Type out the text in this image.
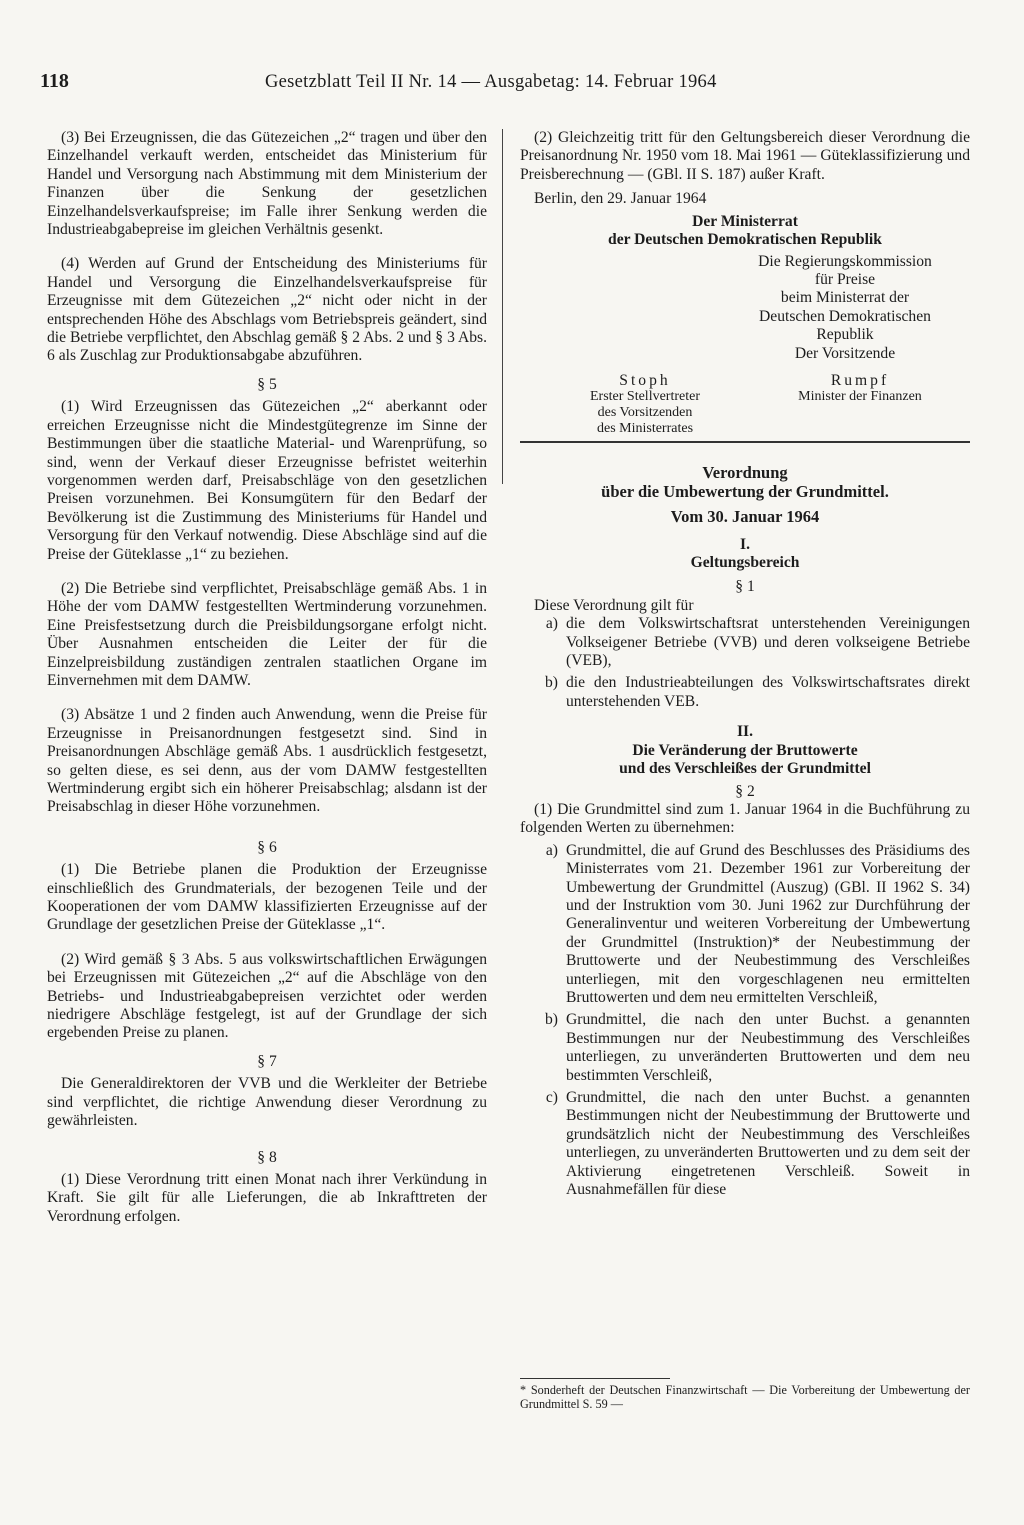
118	Gesetzblatt Teil II Nr. 14 — Ausgabetag: 14. Februar 1964

(3) Bei Erzeugnissen, die das Gütezeichen „2“ tragen und über den Einzelhandel verkauft werden, entscheidet das Ministerium für Handel und Versorgung nach Abstimmung mit dem Ministerium der Finanzen über die Senkung der gesetzlichen Einzelhandelsverkaufspreise; im Falle ihrer Senkung werden die Industrieabgabepreise im gleichen Verhältnis gesenkt.

(4) Werden auf Grund der Entscheidung des Ministeriums für Handel und Versorgung die Einzelhandelsverkaufspreise für Erzeugnisse mit dem Gütezeichen „2“ nicht oder nicht in der entsprechenden Höhe des Abschlags vom Betriebspreis geändert, sind die Betriebe verpflichtet, den Abschlag gemäß § 2 Abs. 2 und § 3 Abs. 6 als Zuschlag zur Produktionsabgabe abzuführen.

§ 5

(1) Wird Erzeugnissen das Gütezeichen „2“ aberkannt oder erreichen Erzeugnisse nicht die Mindestgütegrenze im Sinne der Bestimmungen über die staatliche Material- und Warenprüfung, so sind, wenn der Verkauf dieser Erzeugnisse befristet weiterhin vorgenommen werden darf, Preisabschläge von den gesetzlichen Preisen vorzunehmen. Bei Konsumgütern für den Bedarf der Bevölkerung ist die Zustimmung des Ministeriums für Handel und Versorgung für den Verkauf notwendig. Diese Abschläge sind auf die Preise der Güteklasse „1“ zu beziehen.

(2) Die Betriebe sind verpflichtet, Preisabschläge gemäß Abs. 1 in Höhe der vom DAMW festgestellten Wertminderung vorzunehmen. Eine Preisfestsetzung durch die Preisbildungsorgane erfolgt nicht. Über Ausnahmen entscheiden die Leiter der für die Einzelpreisbildung zuständigen zentralen staatlichen Organe im Einvernehmen mit dem DAMW.

(3) Absätze 1 und 2 finden auch Anwendung, wenn die Preise für Erzeugnisse in Preisanordnungen festgesetzt sind. Sind in Preisanordnungen Abschläge gemäß Abs. 1 ausdrücklich festgesetzt, so gelten diese, es sei denn, aus der vom DAMW festgestellten Wertminderung ergibt sich ein höherer Preisabschlag; alsdann ist der Preisabschlag in dieser Höhe vorzunehmen.

§ 6

(1) Die Betriebe planen die Produktion der Erzeugnisse einschließlich des Grundmaterials, der bezogenen Teile und der Kooperationen der vom DAMW klassifizierten Erzeugnisse auf der Grundlage der gesetzlichen Preise der Güteklasse „1“.

(2) Wird gemäß § 3 Abs. 5 aus volkswirtschaftlichen Erwägungen bei Erzeugnissen mit Gütezeichen „2“ auf die Abschläge von den Betriebs- und Industrieabgabepreisen verzichtet oder werden niedrigere Abschläge festgelegt, ist auf der Grundlage der sich ergebenden Preise zu planen.

§ 7

Die Generaldirektoren der VVB und die Werkleiter der Betriebe sind verpflichtet, die richtige Anwendung dieser Verordnung zu gewährleisten.

§ 8

(1) Diese Verordnung tritt einen Monat nach ihrer Verkündung in Kraft. Sie gilt für alle Lieferungen, die ab Inkrafttreten der Verordnung erfolgen.

(2) Gleichzeitig tritt für den Geltungsbereich dieser Verordnung die Preisanordnung Nr. 1950 vom 18. Mai 1961 — Güteklassifizierung und Preisberechnung — (GBl. II S. 187) außer Kraft.

Berlin, den 29. Januar 1964

Der Ministerrat
der Deutschen Demokratischen Republik
Die Regierungskommission
für Preise
beim Ministerrat der
Deutschen Demokratischen
Republik
Der Vorsitzende
Stoph
Erster Stellvertreter
des Vorsitzenden
des Ministerrates
Rumpf
Minister der Finanzen
Verordnung
über die Umbewertung der Grundmittel.
Vom 30. Januar 1964
I.
Geltungsbereich
§ 1

Diese Verordnung gilt für

a) die dem Volkswirtschaftsrat unterstehenden Vereinigungen Volkseigener Betriebe (VVB) und deren volkseigene Betriebe (VEB),
b) die den Industrieabteilungen des Volkswirtschaftsrates direkt unterstehenden VEB.
II.
Die Veränderung der Bruttowerte
und des Verschleißes der Grundmittel
§ 2

(1) Die Grundmittel sind zum 1. Januar 1964 in die Buchführung zu folgenden Werten zu übernehmen:

a) Grundmittel, die auf Grund des Beschlusses des Präsidiums des Ministerrates vom 21. Dezember 1961 zur Vorbereitung der Umbewertung der Grundmittel (Auszug) (GBl. II 1962 S. 34) und der Instruktion vom 30. Juni 1962 zur Durchführung der Generalinventur und weiteren Vorbereitung der Umbewertung der Grundmittel (Instruktion)* der Neubestimmung der Bruttowerte und der Neubestimmung des Verschleißes unterliegen, mit den vorgeschlagenen neu ermittelten Bruttowerten und dem neu ermittelten Verschleiß,
b) Grundmittel, die nach den unter Buchst. a genannten Bestimmungen nur der Neubestimmung des Verschleißes unterliegen, zu unveränderten Bruttowerten und dem neu bestimmten Verschleiß,
c) Grundmittel, die nach den unter Buchst. a genannten Bestimmungen nicht der Neubestimmung der Bruttowerte und grundsätzlich nicht der Neubestimmung des Verschleißes unterliegen, zu unveränderten Bruttowerten und zu dem seit der Aktivierung eingetretenen Verschleiß. Soweit in Ausnahmefällen für diese

* Sonderheft der Deutschen Finanzwirtschaft — Die Vorbereitung der Umbewertung der Grundmittel S. 59 —
